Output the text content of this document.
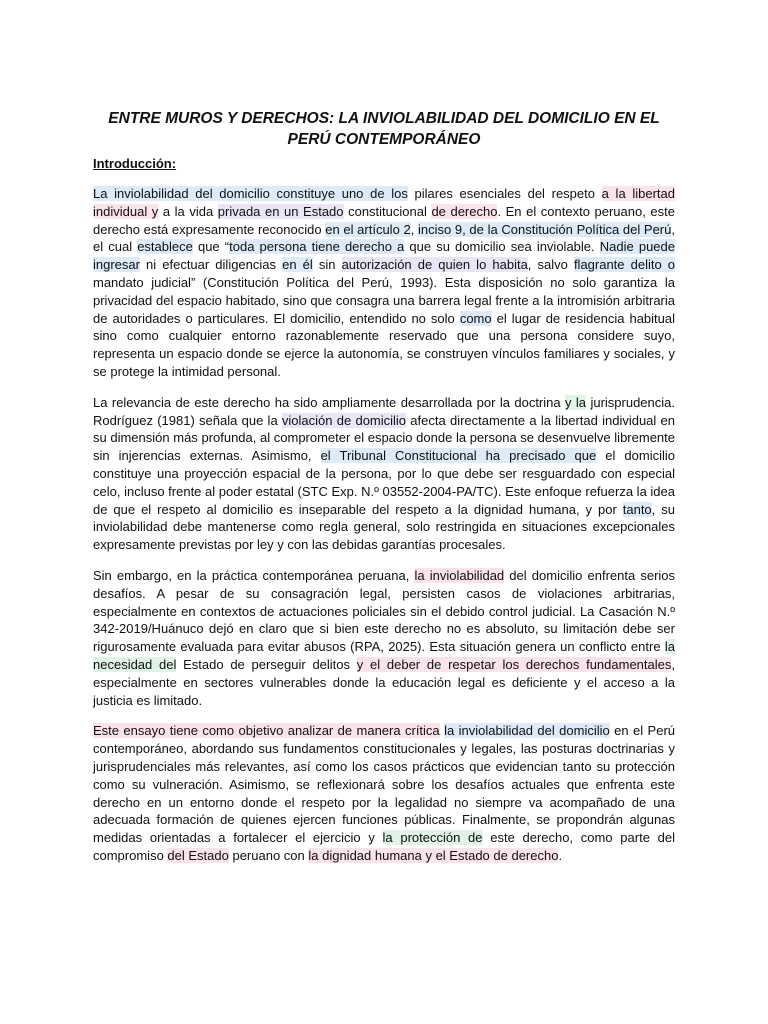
ENTRE MUROS Y DERECHOS: LA INVIOLABILIDAD DEL DOMICILIO EN EL PERÚ CONTEMPORÁNEO
Introducción:

La inviolabilidad del domicilio constituye uno de los pilares esenciales del respeto a la libertad individual y a la vida privada en un Estado constitucional de derecho. En el contexto peruano, este derecho está expresamente reconocido en el artículo 2, inciso 9, de la Constitución Política del Perú, el cual establece que “toda persona tiene derecho a que su domicilio sea inviolable. Nadie puede ingresar ni efectuar diligencias en él sin autorización de quien lo habita, salvo flagrante delito o mandato judicial” (Constitución Política del Perú, 1993). Esta disposición no solo garantiza la privacidad del espacio habitado, sino que consagra una barrera legal frente a la intromisión arbitraria de autoridades o particulares. El domicilio, entendido no solo como el lugar de residencia habitual sino como cualquier entorno razonablemente reservado que una persona considere suyo, representa un espacio donde se ejerce la autonomía, se construyen vínculos familiares y sociales, y se protege la intimidad personal.

La relevancia de este derecho ha sido ampliamente desarrollada por la doctrina y la jurisprudencia. Rodríguez (1981) señala que la violación de domicilio afecta directamente a la libertad individual en su dimensión más profunda, al comprometer el espacio donde la persona se desenvuelve libremente sin injerencias externas. Asimismo, el Tribunal Constitucional ha precisado que el domicilio constituye una proyección espacial de la persona, por lo que debe ser resguardado con especial celo, incluso frente al poder estatal (STC Exp. N.º 03552-2004-PA/TC). Este enfoque refuerza la idea de que el respeto al domicilio es inseparable del respeto a la dignidad humana, y por tanto, su inviolabilidad debe mantenerse como regla general, solo restringida en situaciones excepcionales expresamente previstas por ley y con las debidas garantías procesales.

Sin embargo, en la práctica contemporánea peruana, la inviolabilidad del domicilio enfrenta serios desafíos. A pesar de su consagración legal, persisten casos de violaciones arbitrarias, especialmente en contextos de actuaciones policiales sin el debido control judicial. La Casación N.º 342-2019/Huánuco dejó en claro que si bien este derecho no es absoluto, su limitación debe ser rigurosamente evaluada para evitar abusos (RPA, 2025). Esta situación genera un conflicto entre la necesidad del Estado de perseguir delitos y el deber de respetar los derechos fundamentales, especialmente en sectores vulnerables donde la educación legal es deficiente y el acceso a la justicia es limitado.

Este ensayo tiene como objetivo analizar de manera crítica la inviolabilidad del domicilio en el Perú contemporáneo, abordando sus fundamentos constitucionales y legales, las posturas doctrinarias y jurisprudenciales más relevantes, así como los casos prácticos que evidencian tanto su protección como su vulneración. Asimismo, se reflexionará sobre los desafíos actuales que enfrenta este derecho en un entorno donde el respeto por la legalidad no siempre va acompañado de una adecuada formación de quienes ejercen funciones públicas. Finalmente, se propondrán algunas medidas orientadas a fortalecer el ejercicio y la protección de este derecho, como parte del compromiso del Estado peruano con la dignidad humana y el Estado de derecho.
